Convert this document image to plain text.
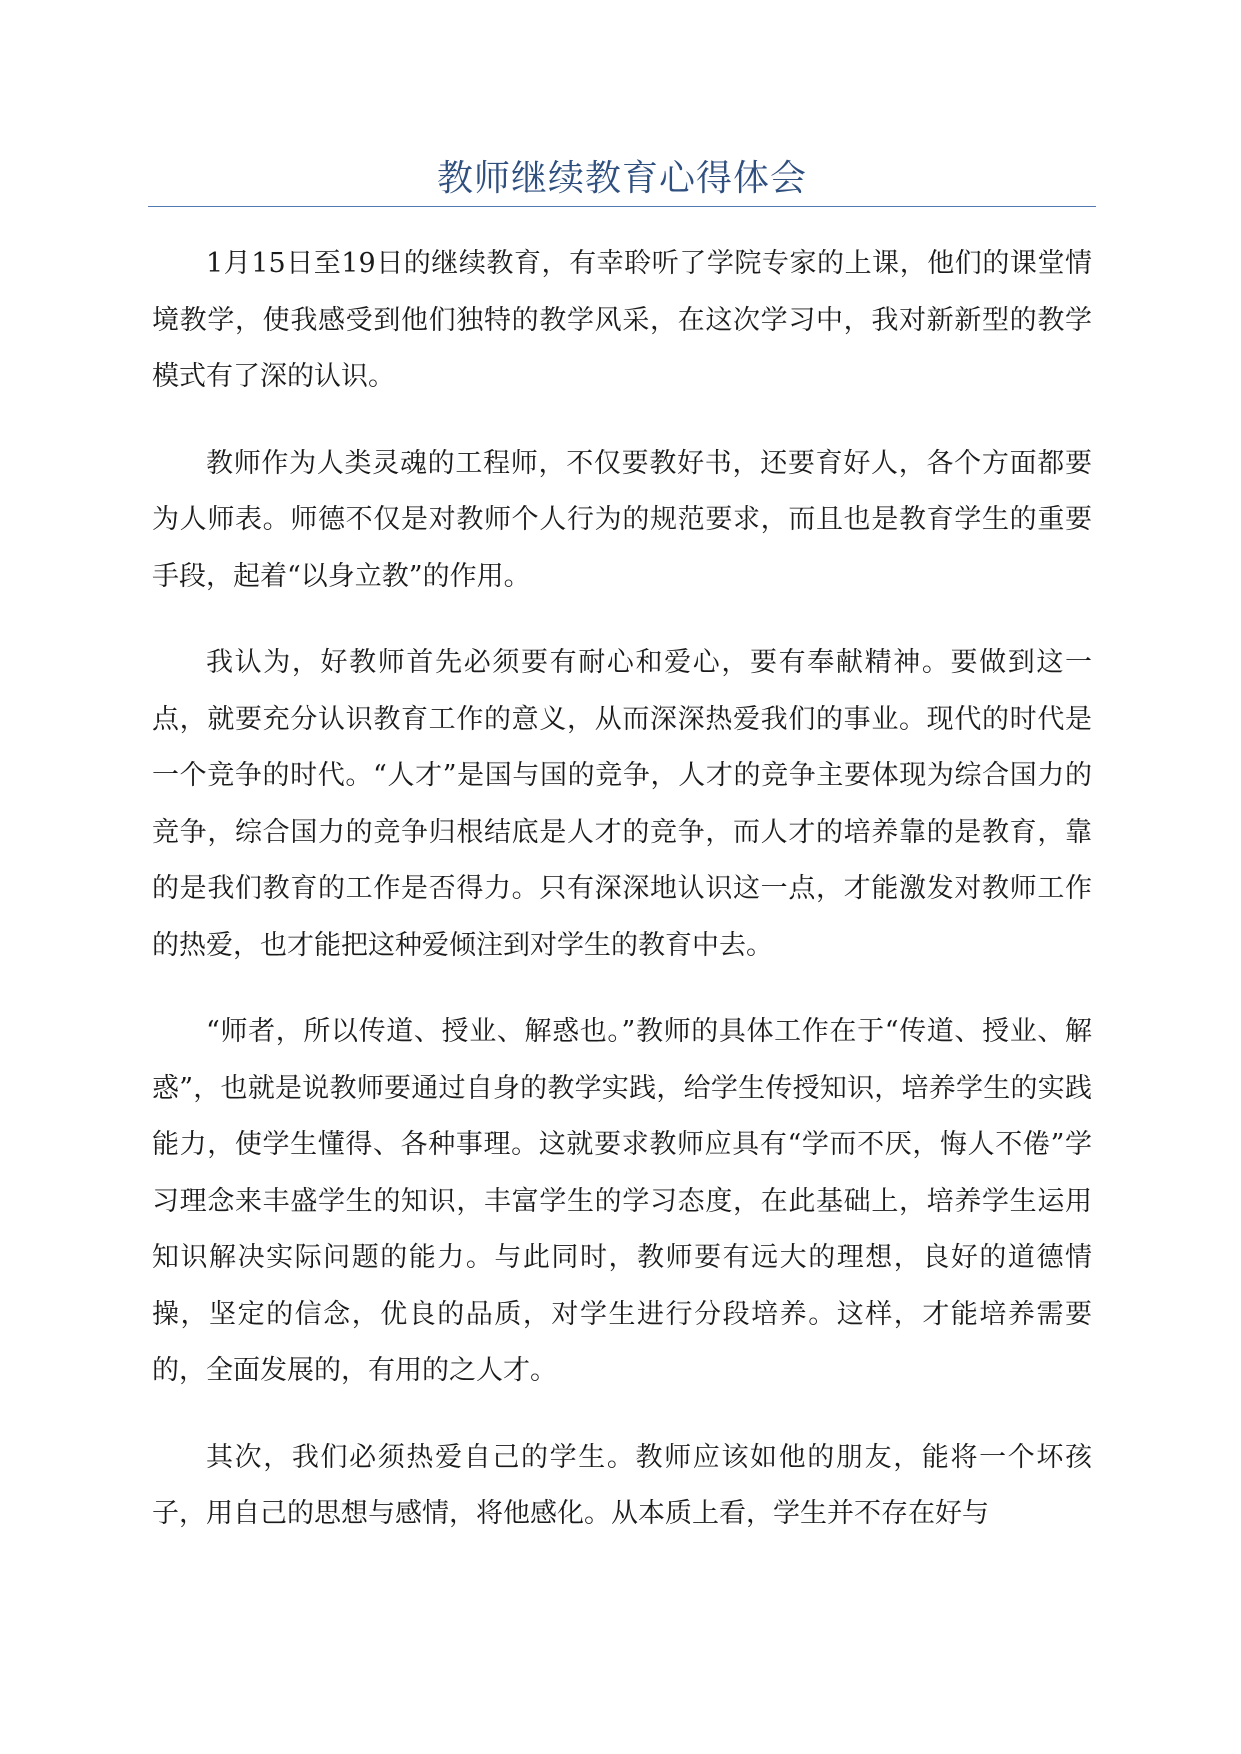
教师继续教育心得体会

1月15日至19日的继续教育，有幸聆听了学院专家的上课，他们的课堂情境教学，使我感受到他们独特的教学风采，在这次学习中，我对新新型的教学模式有了深的认识。

教师作为人类灵魂的工程师，不仅要教好书，还要育好人，各个方面都要为人师表。师德不仅是对教师个人行为的规范要求，而且也是教育学生的重要手段，起着“以身立教”的作用。

我认为，好教师首先必须要有耐心和爱心，要有奉献精神。要做到这一点，就要充分认识教育工作的意义，从而深深热爱我们的事业。现代的时代是一个竞争的时代。“人才”是国与国的竞争，人才的竞争主要体现为综合国力的竞争，综合国力的竞争归根结底是人才的竞争，而人才的培养靠的是教育，靠的是我们教育的工作是否得力。只有深深地认识这一点，才能激发对教师工作的热爱，也才能把这种爱倾注到对学生的教育中去。

“师者，所以传道、授业、解惑也。”教师的具体工作在于“传道、授业、解惑”，也就是说教师要通过自身的教学实践，给学生传授知识，培养学生的实践能力，使学生懂得、各种事理。这就要求教师应具有“学而不厌，悔人不倦”学习理念来丰盛学生的知识，丰富学生的学习态度，在此基础上，培养学生运用知识解决实际问题的能力。与此同时，教师要有远大的理想，良好的道德情操，坚定的信念，优良的品质，对学生进行分段培养。这样，才能培养需要的，全面发展的，有用的之人才。

其次，我们必须热爱自己的学生。教师应该如他的朋友，能将一个坏孩子，用自己的思想与感情，将他感化。从本质上看，学生并不存在好与
